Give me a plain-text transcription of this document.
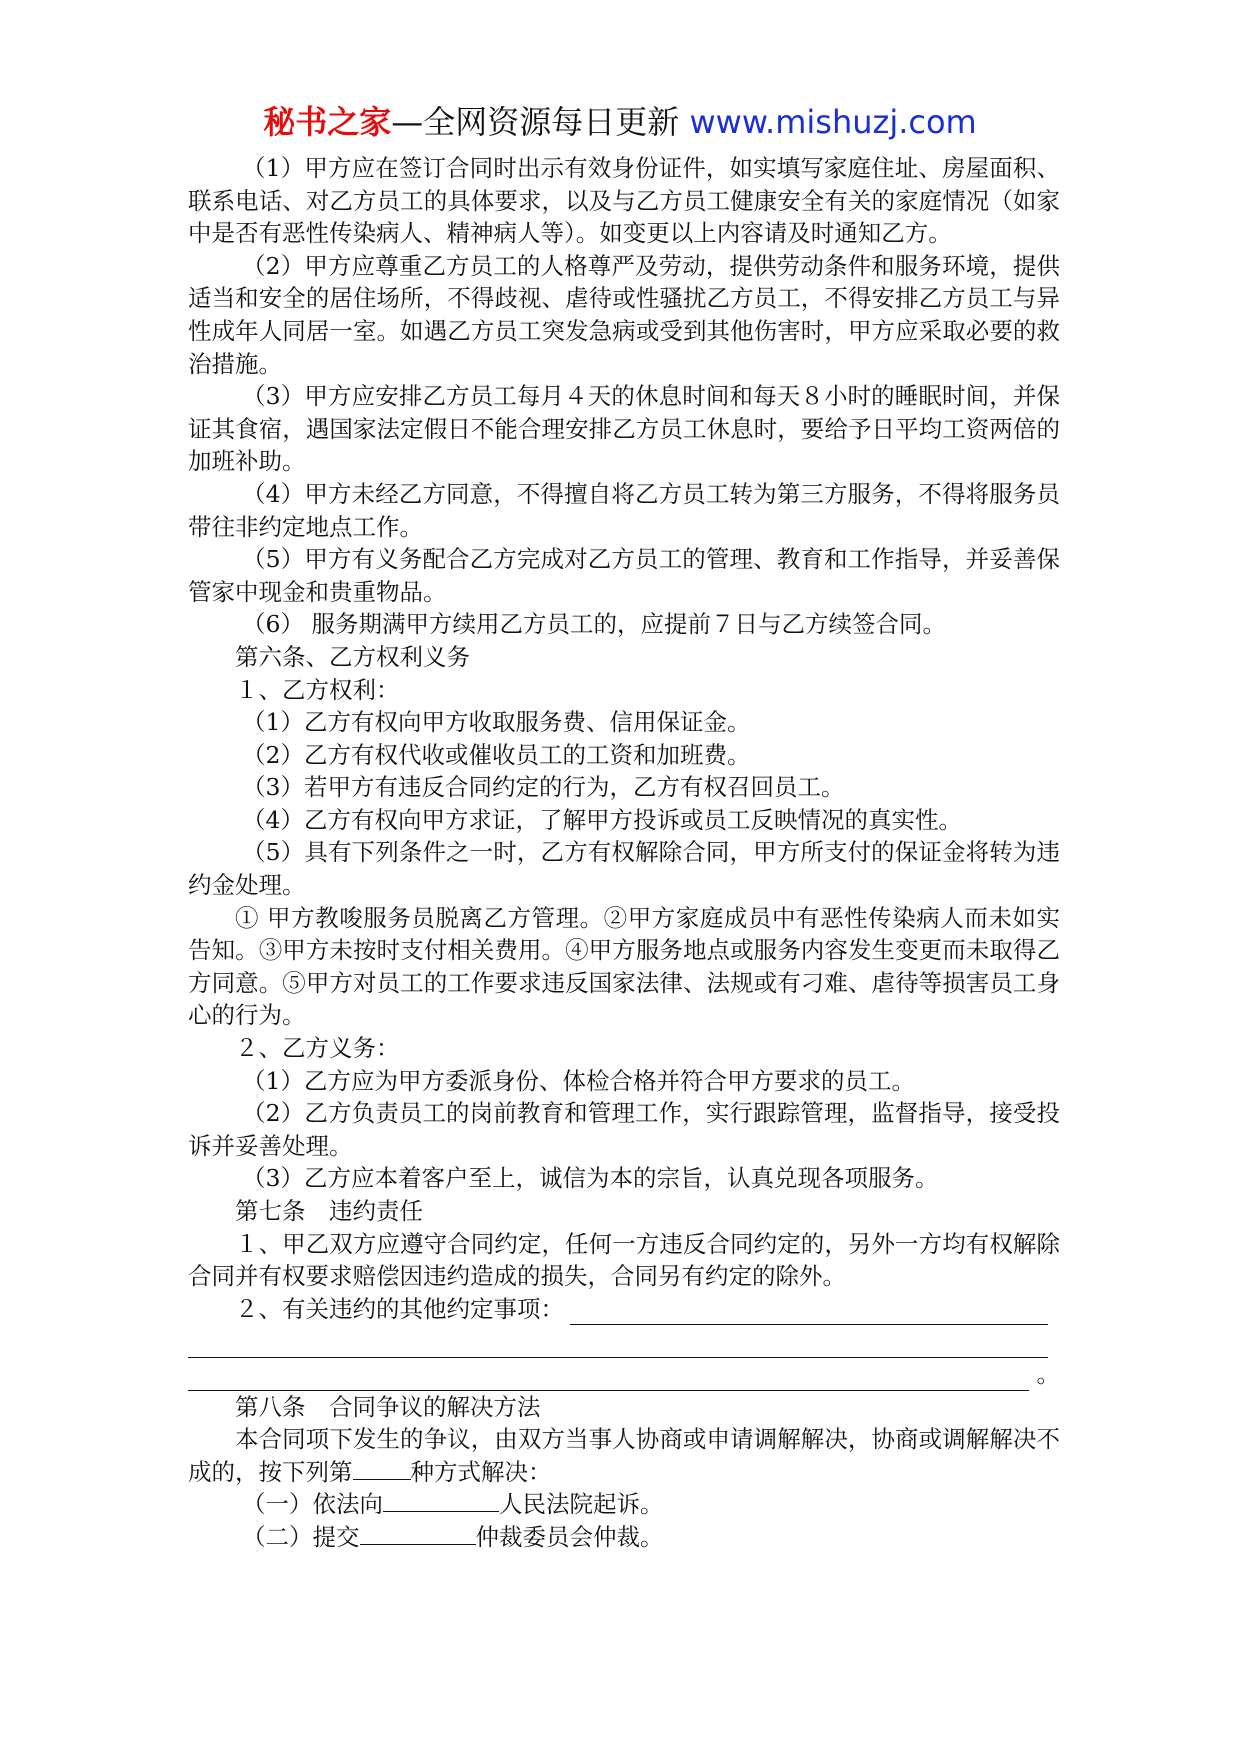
秘书之家—全网资源每日更新 www.mishuzj.com

（1）甲方应在签订合同时出示有效身份证件，如实填写家庭住址、房屋面积、联系电话、对乙方员工的具体要求，以及与乙方员工健康安全有关的家庭情况（如家中是否有恶性传染病人、精神病人等）。如变更以上内容请及时通知乙方。

（2）甲方应尊重乙方员工的人格尊严及劳动，提供劳动条件和服务环境，提供适当和安全的居住场所，不得歧视、虐待或性骚扰乙方员工，不得安排乙方员工与异性成年人同居一室。如遇乙方员工突发急病或受到其他伤害时，甲方应采取必要的救治措施。

（3）甲方应安排乙方员工每月４天的休息时间和每天８小时的睡眠时间，并保证其食宿，遇国家法定假日不能合理安排乙方员工休息时，要给予日平均工资两倍的加班补助。

（4）甲方未经乙方同意，不得擅自将乙方员工转为第三方服务，不得将服务员带往非约定地点工作。

（5）甲方有义务配合乙方完成对乙方员工的管理、教育和工作指导，并妥善保管家中现金和贵重物品。

（6） 服务期满甲方续用乙方员工的，应提前７日与乙方续签合同。

第六条、乙方权利义务

１、乙方权利：

（1）乙方有权向甲方收取服务费、信用保证金。

（2）乙方有权代收或催收员工的工资和加班费。

（3）若甲方有违反合同约定的行为，乙方有权召回员工。

（4）乙方有权向甲方求证，了解甲方投诉或员工反映情况的真实性。

（5）具有下列条件之一时，乙方有权解除合同，甲方所支付的保证金将转为违约金处理。

① 甲方教唆服务员脱离乙方管理。②甲方家庭成员中有恶性传染病人而未如实告知。③甲方未按时支付相关费用。④甲方服务地点或服务内容发生变更而未取得乙方同意。⑤甲方对员工的工作要求违反国家法律、法规或有刁难、虐待等损害员工身心的行为。

２、乙方义务：

（1）乙方应为甲方委派身份、体检合格并符合甲方要求的员工。

（2）乙方负责员工的岗前教育和管理工作，实行跟踪管理，监督指导，接受投诉并妥善处理。

（3）乙方应本着客户至上，诚信为本的宗旨，认真兑现各项服务。

第七条　违约责任

１、甲乙双方应遵守合同约定，任何一方违反合同约定的，另外一方均有权解除合同并有权要求赔偿因违约造成的损失，合同另有约定的除外。

２、有关违约的其他约定事项：
。

第八条　合同争议的解决方法

本合同项下发生的争议，由双方当事人协商或申请调解解决，协商或调解解决不成的，按下列第 种方式解决：

（一）依法向	人民法院起诉。

（二）提交	仲裁委员会仲裁。
